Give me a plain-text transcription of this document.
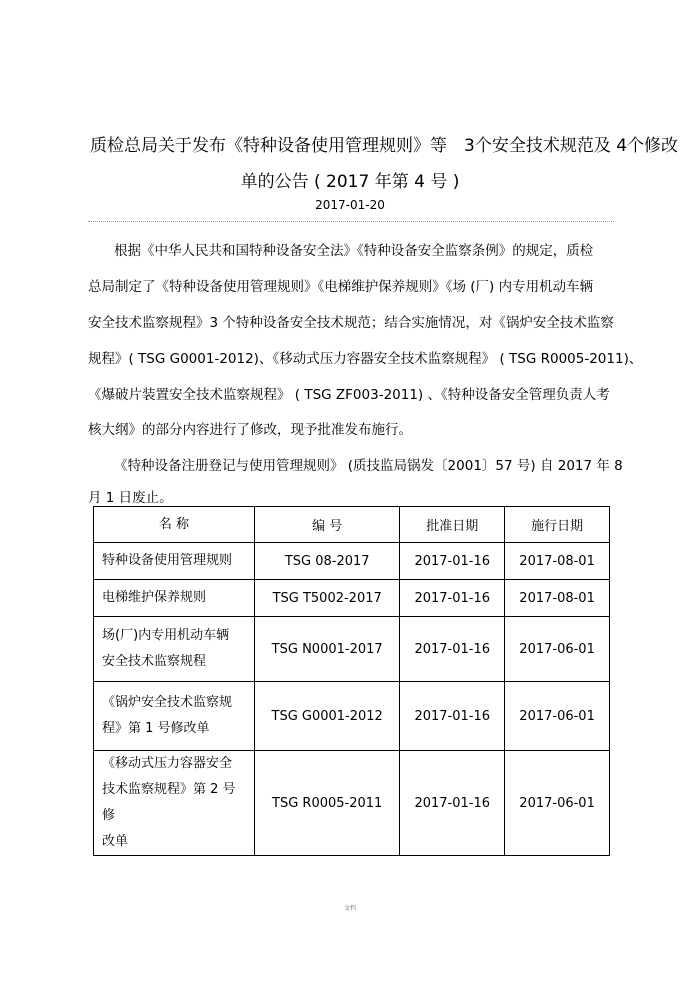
质检总局关于发布《特种设备使用管理规则》等　3个安全技术规范及 4个修改
单的公告 ( 2017 年第 4 号 )
2017-01-20
根据《中华人民共和国特种设备安全法》《特种设备安全监察条例》的规定，质检
总局制定了《特种设备使用管理规则》《电梯维护保养规则》《场 (厂) 内专用机动车辆
安全技术监察规程》3 个特种设备安全技术规范；结合实施情况，对《锅炉安全技术监察
规程》( TSG G0001-2012)、《移动式压力容器安全技术监察规程》 ( TSG R0005-2011)、
《爆破片装置安全技术监察规程》 ( TSG ZF003-2011) 、《特种设备安全管理负责人考
核大纲》的部分内容进行了修改，现予批准发布施行。
《特种设备注册登记与使用管理规则》 (质技监局锅发〔2001〕57 号) 自 2017 年 8
月 1 日废止。
名 称	编 号	批准日期	施行日期

特种设备使用管理规则	TSG 08-2017	2017-01-16	2017-08-01

电梯维护保养规则	TSG T5002-2017	2017-01-16	2017-08-01

场(厂)内专用机动车辆
安全技术监察规程	TSG N0001-2017	2017-01-16	2017-06-01

《锅炉安全技术监察规
程》第 1 号修改单	TSG G0001-2012	2017-01-16	2017-06-01

《移动式压力容器安全
技术监察规程》第 2 号修
改单	TSG R0005-2011	2017-01-16	2017-06-01
文档
